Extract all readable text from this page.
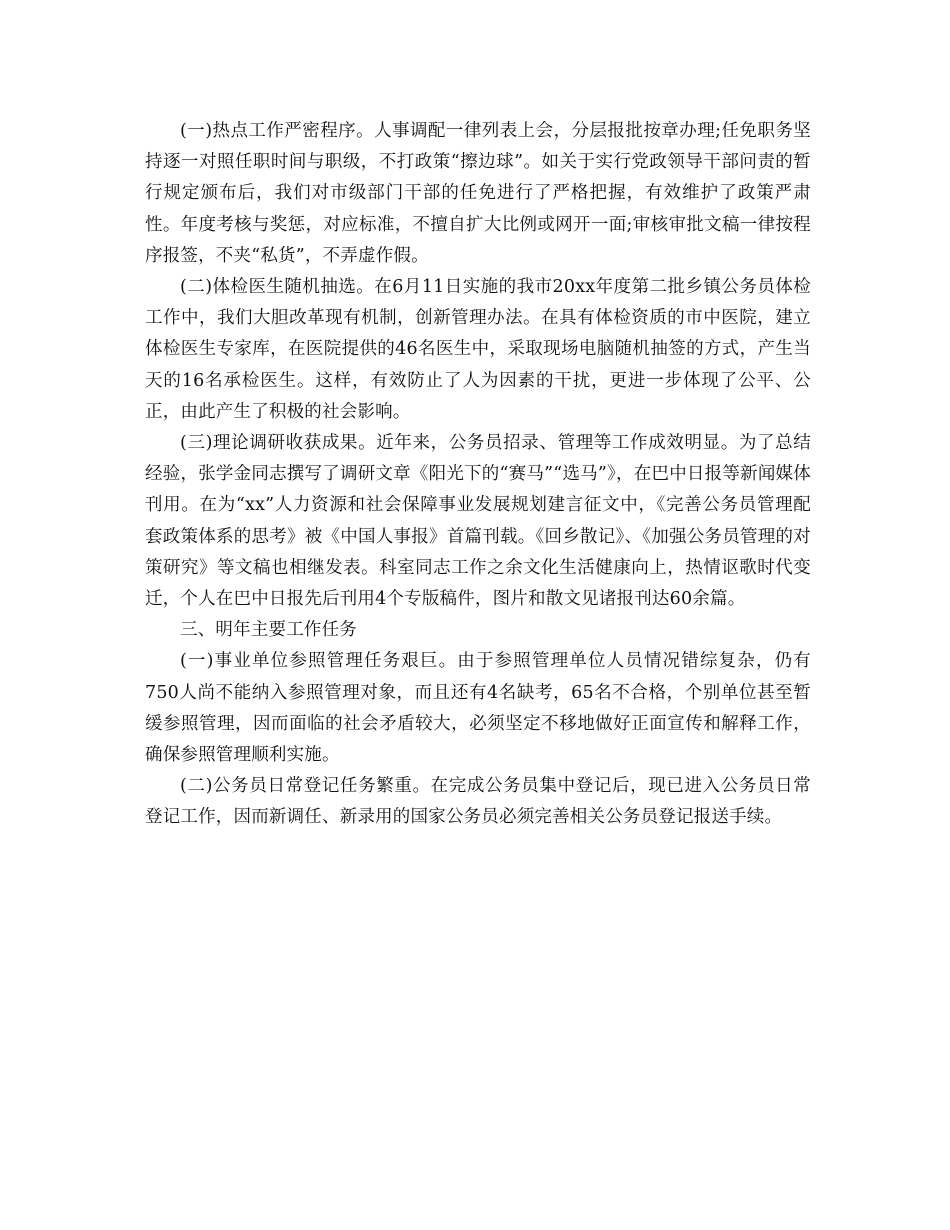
(一)热点工作严密程序。人事调配一律列表上会，分层报批按章办理;任免职务坚持逐一对照任职时间与职级，不打政策“擦边球”。如关于实行党政领导干部问责的暂行规定颁布后，我们对市级部门干部的任免进行了严格把握，有效维护了政策严肃性。年度考核与奖惩，对应标准，不擅自扩大比例或网开一面;审核审批文稿一律按程序报签，不夹“私货”，不弄虚作假。

(二)体检医生随机抽选。在6月11日实施的我市20xx年度第二批乡镇公务员体检工作中，我们大胆改革现有机制，创新管理办法。在具有体检资质的市中医院，建立体检医生专家库，在医院提供的46名医生中，采取现场电脑随机抽签的方式，产生当天的16名承检医生。这样，有效防止了人为因素的干扰，更进一步体现了公平、公正，由此产生了积极的社会影响。

(三)理论调研收获成果。近年来，公务员招录、管理等工作成效明显。为了总结经验，张学金同志撰写了调研文章《阳光下的“赛马”“选马”》，在巴中日报等新闻媒体刊用。在为“xx”人力资源和社会保障事业发展规划建言征文中，《完善公务员管理配套政策体系的思考》被《中国人事报》首篇刊载。《回乡散记》、《加强公务员管理的对策研究》等文稿也相继发表。科室同志工作之余文化生活健康向上，热情讴歌时代变迁，个人在巴中日报先后刊用4个专版稿件，图片和散文见诸报刊达60余篇。

三、明年主要工作任务

(一)事业单位参照管理任务艰巨。由于参照管理单位人员情况错综复杂，仍有750人尚不能纳入参照管理对象，而且还有4名缺考，65名不合格，个别单位甚至暂缓参照管理，因而面临的社会矛盾较大，必须坚定不移地做好正面宣传和解释工作，确保参照管理顺利实施。

(二)公务员日常登记任务繁重。在完成公务员集中登记后，现已进入公务员日常登记工作，因而新调任、新录用的国家公务员必须完善相关公务员登记报送手续。
